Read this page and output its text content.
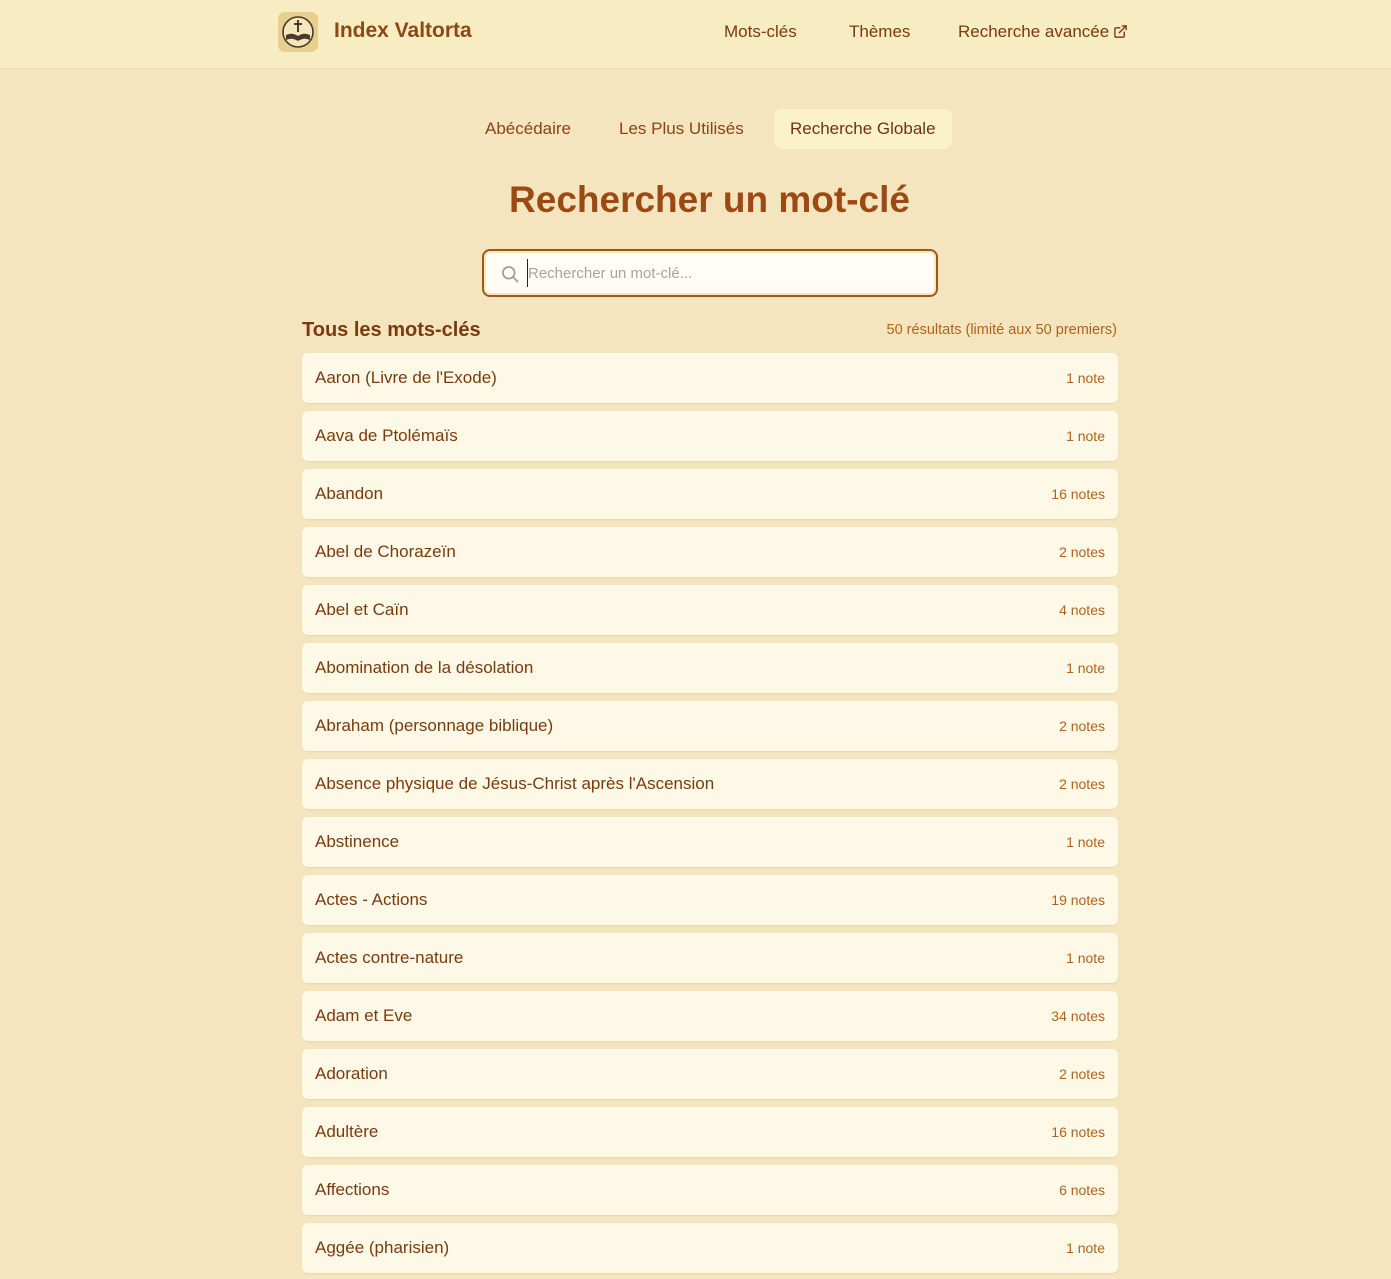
Index Valtorta	Mots-clés	Thèmes	Recherche avancée
Abécédaire	Les Plus Utilisés	Recherche Globale
Rechercher un mot-clé
Rechercher un mot-clé...
Tous les mots-clés	50 résultats (limité aux 50 premiers)
Aaron (Livre de l'Exode)	1 note
Aava de Ptolémaïs	1 note
Abandon	16 notes
Abel de Chorazeïn	2 notes
Abel et Caïn	4 notes
Abomination de la désolation	1 note
Abraham (personnage biblique)	2 notes
Absence physique de Jésus-Christ après l'Ascension	2 notes
Abstinence	1 note
Actes - Actions	19 notes
Actes contre-nature	1 note
Adam et Eve	34 notes
Adoration	2 notes
Adultère	16 notes
Affections	6 notes
Aggée (pharisien)	1 note
